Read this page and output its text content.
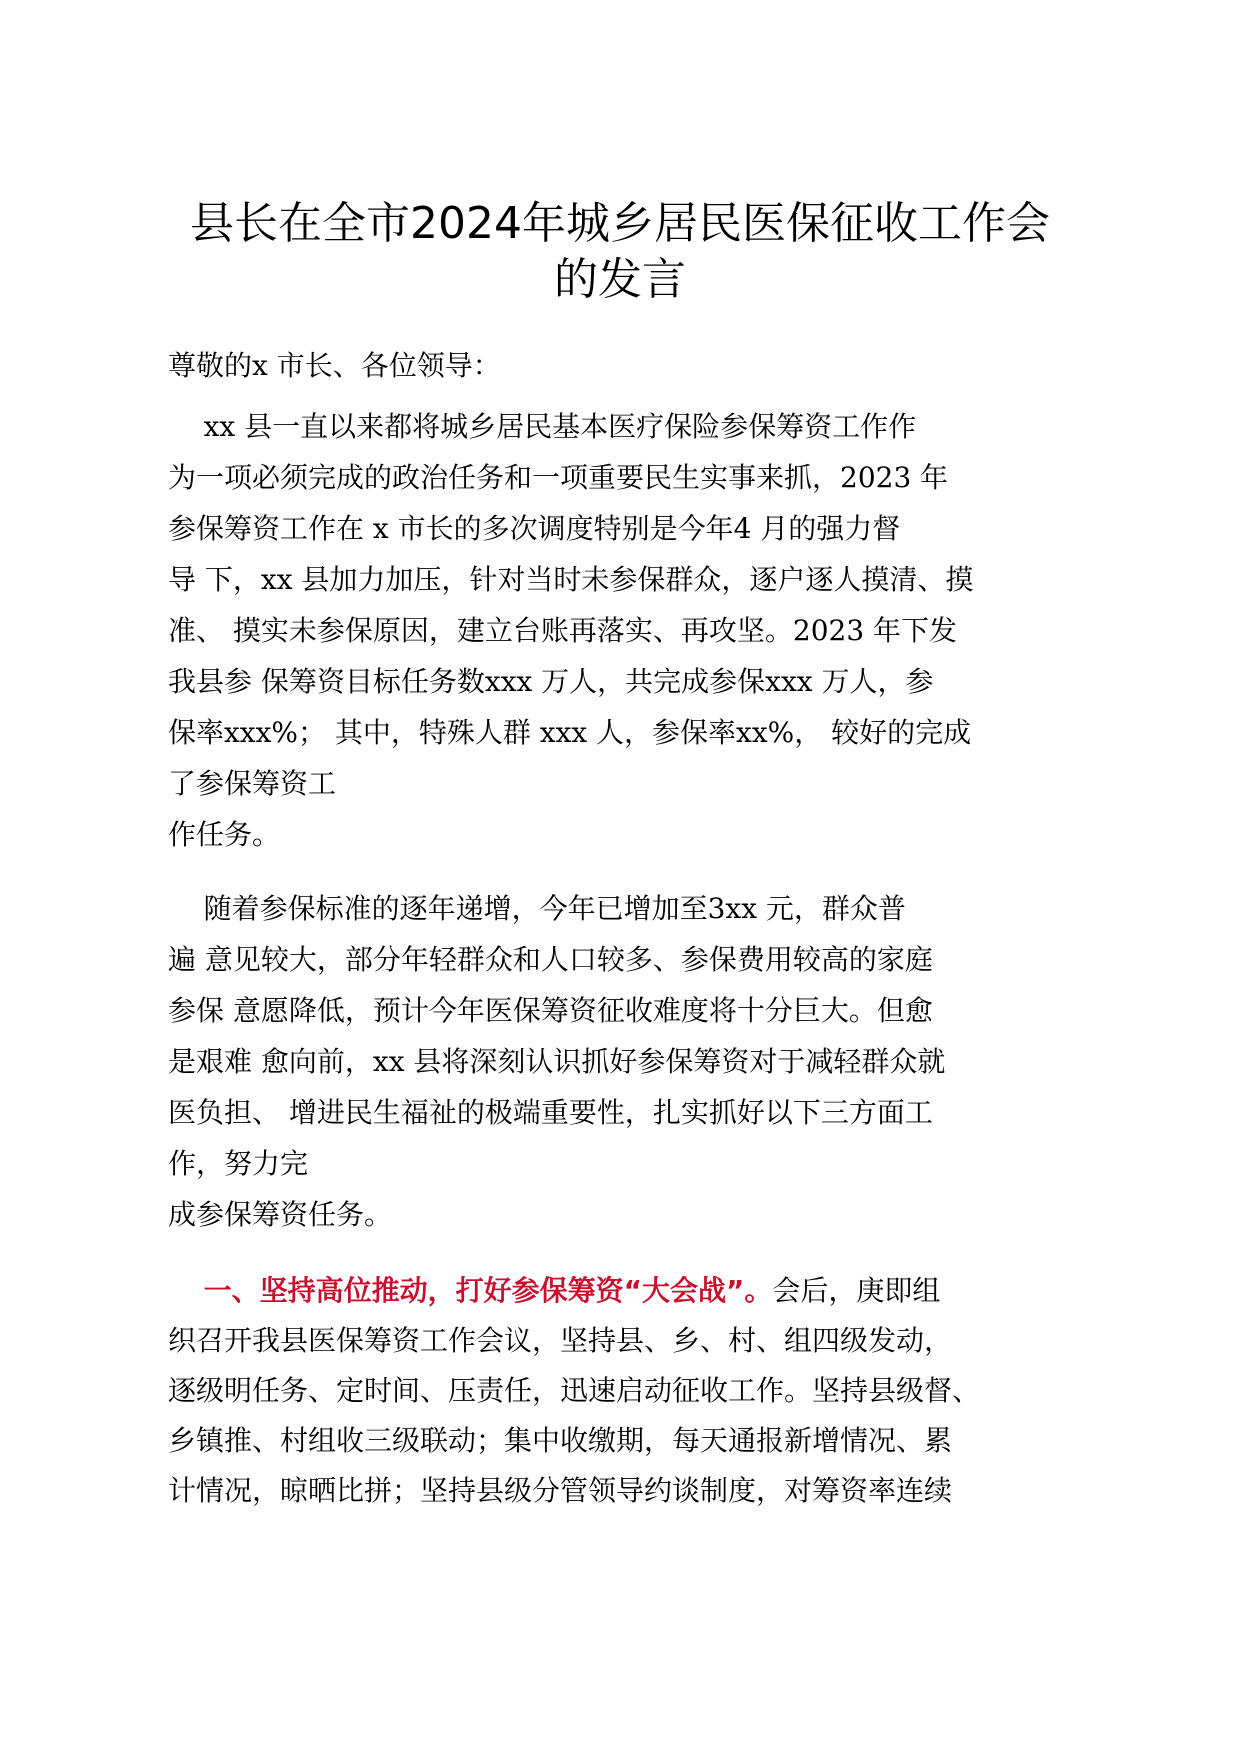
县长在全市2024年城乡居民医保征收工作会
的发言

尊敬的x 市长、各位领导：

xx 县一直以来都将城乡居民基本医疗保险参保筹资工作作
为一项必须完成的政治任务和一项重要民生实事来抓，2023 年
参保筹资工作在 x 市长的多次调度特别是今年4 月的强力督
导 下，xx 县加力加压，针对当时未参保群众，逐户逐人摸清、摸
准、 摸实未参保原因，建立台账再落实、再攻坚。2023 年下发
我县参 保筹资目标任务数xxx 万人，共完成参保xxx 万人，参
保率xxx%； 其中，特殊人群 xxx 人，参保率xx%， 较好的完成
了参保筹资工
作任务。
随着参保标准的逐年递增，今年已增加至3xx 元，群众普
遍 意见较大，部分年轻群众和人口较多、参保费用较高的家庭
参保 意愿降低，预计今年医保筹资征收难度将十分巨大。但愈
是艰难 愈向前，xx 县将深刻认识抓好参保筹资对于减轻群众就
医负担、 增进民生福祉的极端重要性，扎实抓好以下三方面工
作，努力完
成参保筹资任务。
一、坚持高位推动，打好参保筹资“大会战”。会后，庚即组
织召开我县医保筹资工作会议，坚持县、乡、村、组四级发动，
逐级明任务、定时间、压责任，迅速启动征收工作。坚持县级督、
乡镇推、村组收三级联动；集中收缴期，每天通报新增情况、累
计情况，晾晒比拼；坚持县级分管领导约谈制度，对筹资率连续
